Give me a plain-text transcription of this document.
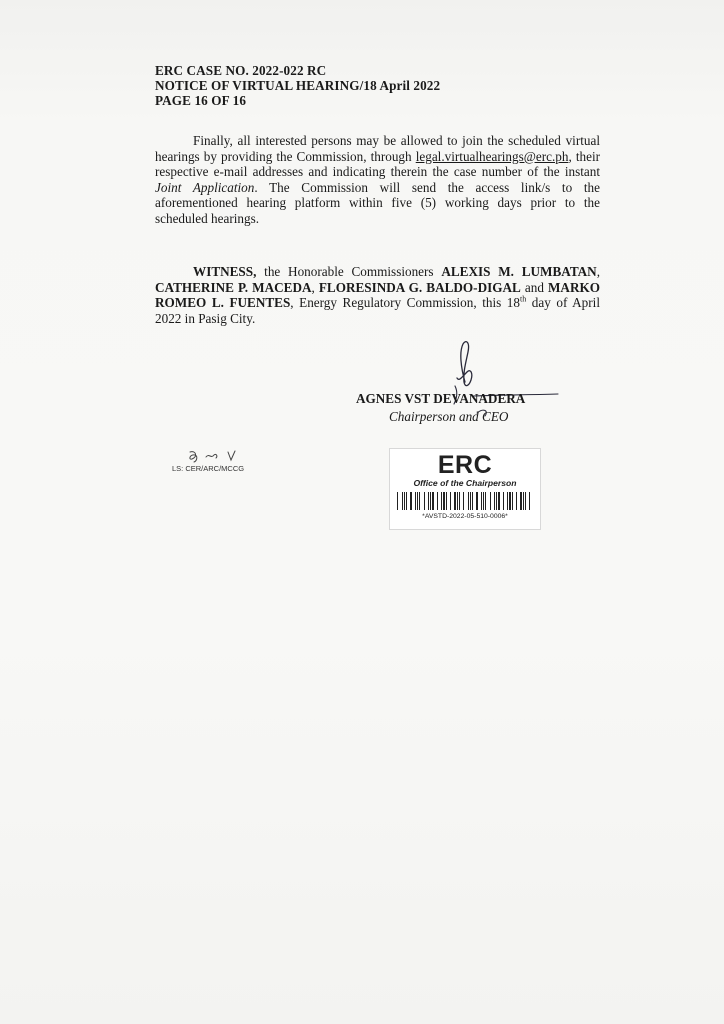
ERC CASE NO. 2022-022 RC
NOTICE OF VIRTUAL HEARING/18 April 2022
PAGE 16 OF 16
Finally, all interested persons may be allowed to join the scheduled virtual hearings by providing the Commission, through legal.virtualhearings@erc.ph, their respective e-mail addresses and indicating therein the case number of the instant Joint Application. The Commission will send the access link/s to the aforementioned hearing platform within five (5) working days prior to the scheduled hearings.
WITNESS, the Honorable Commissioners ALEXIS M. LUMBATAN, CATHERINE P. MACEDA, FLORESINDA G. BALDO-DIGAL and MARKO ROMEO L. FUENTES, Energy Regulatory Commission, this 18th day of April 2022 in Pasig City.
AGNES VST DEVANADERA
Chairperson and CEO
LS: CER/ARC/MCCG	ERC
Office of the Chairperson
*AVSTD-2022-05-510-0006*
